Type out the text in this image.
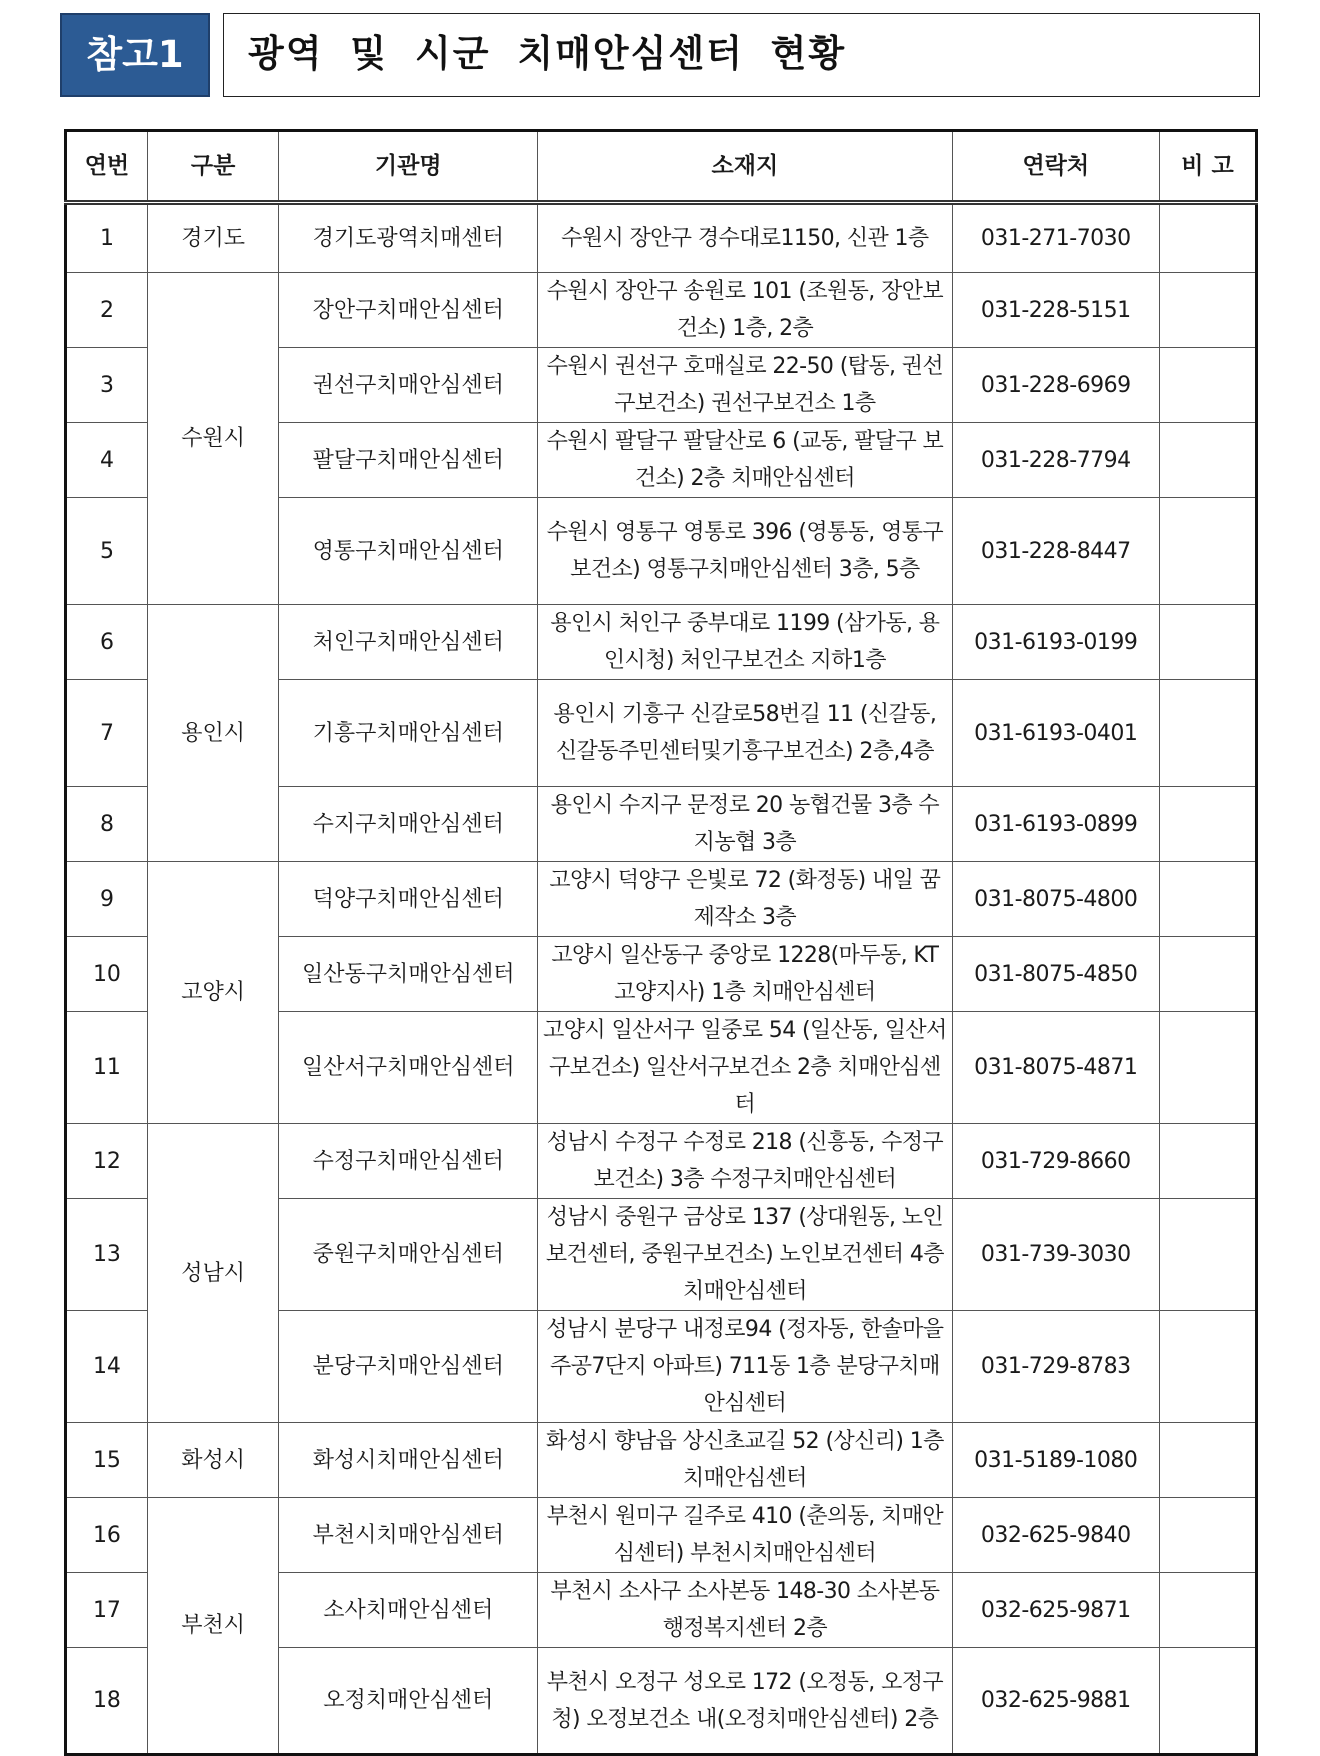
참고1	광역 및 시군 치매안심센터 현황
연번	구분	기관명	소재지	연락처	비 고
1	경기도	경기도광역치매센터	수원시 장안구 경수대로1150, 신관 1층	031-271-7030	
2	수원시	장안구치매안심센터	수원시 장안구 송원로 101 (조원동, 장안보건소) 1층, 2층	031-228-5151	
3		권선구치매안심센터	수원시 권선구 호매실로 22-50 (탑동, 권선구보건소) 권선구보건소 1층	031-228-6969	
4		팔달구치매안심센터	수원시 팔달구 팔달산로 6 (교동, 팔달구 보건소) 2층 치매안심센터	031-228-7794	
5		영통구치매안심센터	수원시 영통구 영통로 396 (영통동, 영통구보건소) 영통구치매안심센터 3층, 5층	031-228-8447	
6	용인시	처인구치매안심센터	용인시 처인구 중부대로 1199 (삼가동, 용인시청) 처인구보건소 지하1층	031-6193-0199	
7		기흥구치매안심센터	용인시 기흥구 신갈로58번길 11 (신갈동, 신갈동주민센터및기흥구보건소) 2층,4층	031-6193-0401	
8		수지구치매안심센터	용인시 수지구 문정로 20 농협건물 3층 수지농협 3층	031-6193-0899	
9	고양시	덕양구치매안심센터	고양시 덕양구 은빛로 72 (화정동) 내일 꿈 제작소 3층	031-8075-4800	
10		일산동구치매안심센터	고양시 일산동구 중앙로 1228(마두동, KT고양지사) 1층 치매안심센터	031-8075-4850	
11		일산서구치매안심센터	고양시 일산서구 일중로 54 (일산동, 일산서구보건소) 일산서구보건소 2층 치매안심센터	031-8075-4871	
12	성남시	수정구치매안심센터	성남시 수정구 수정로 218 (신흥동, 수정구보건소) 3층 수정구치매안심센터	031-729-8660	
13		중원구치매안심센터	성남시 중원구 금상로 137 (상대원동, 노인보건센터, 중원구보건소) 노인보건센터 4층 치매안심센터	031-739-3030	
14		분당구치매안심센터	성남시 분당구 내정로94 (정자동, 한솔마을 주공7단지 아파트) 711동 1층 분당구치매안심센터	031-729-8783	
15	화성시	화성시치매안심센터	화성시 향남읍 상신초교길 52 (상신리) 1층 치매안심센터	031-5189-1080	
16	부천시	부천시치매안심센터	부천시 원미구 길주로 410 (춘의동, 치매안심센터) 부천시치매안심센터	032-625-9840	
17		소사치매안심센터	부천시 소사구 소사본동 148-30 소사본동행정복지센터 2층	032-625-9871	
18		오정치매안심센터	부천시 오정구 성오로 172 (오정동, 오정구청) 오정보건소 내(오정치매안심센터) 2층	032-625-9881	
